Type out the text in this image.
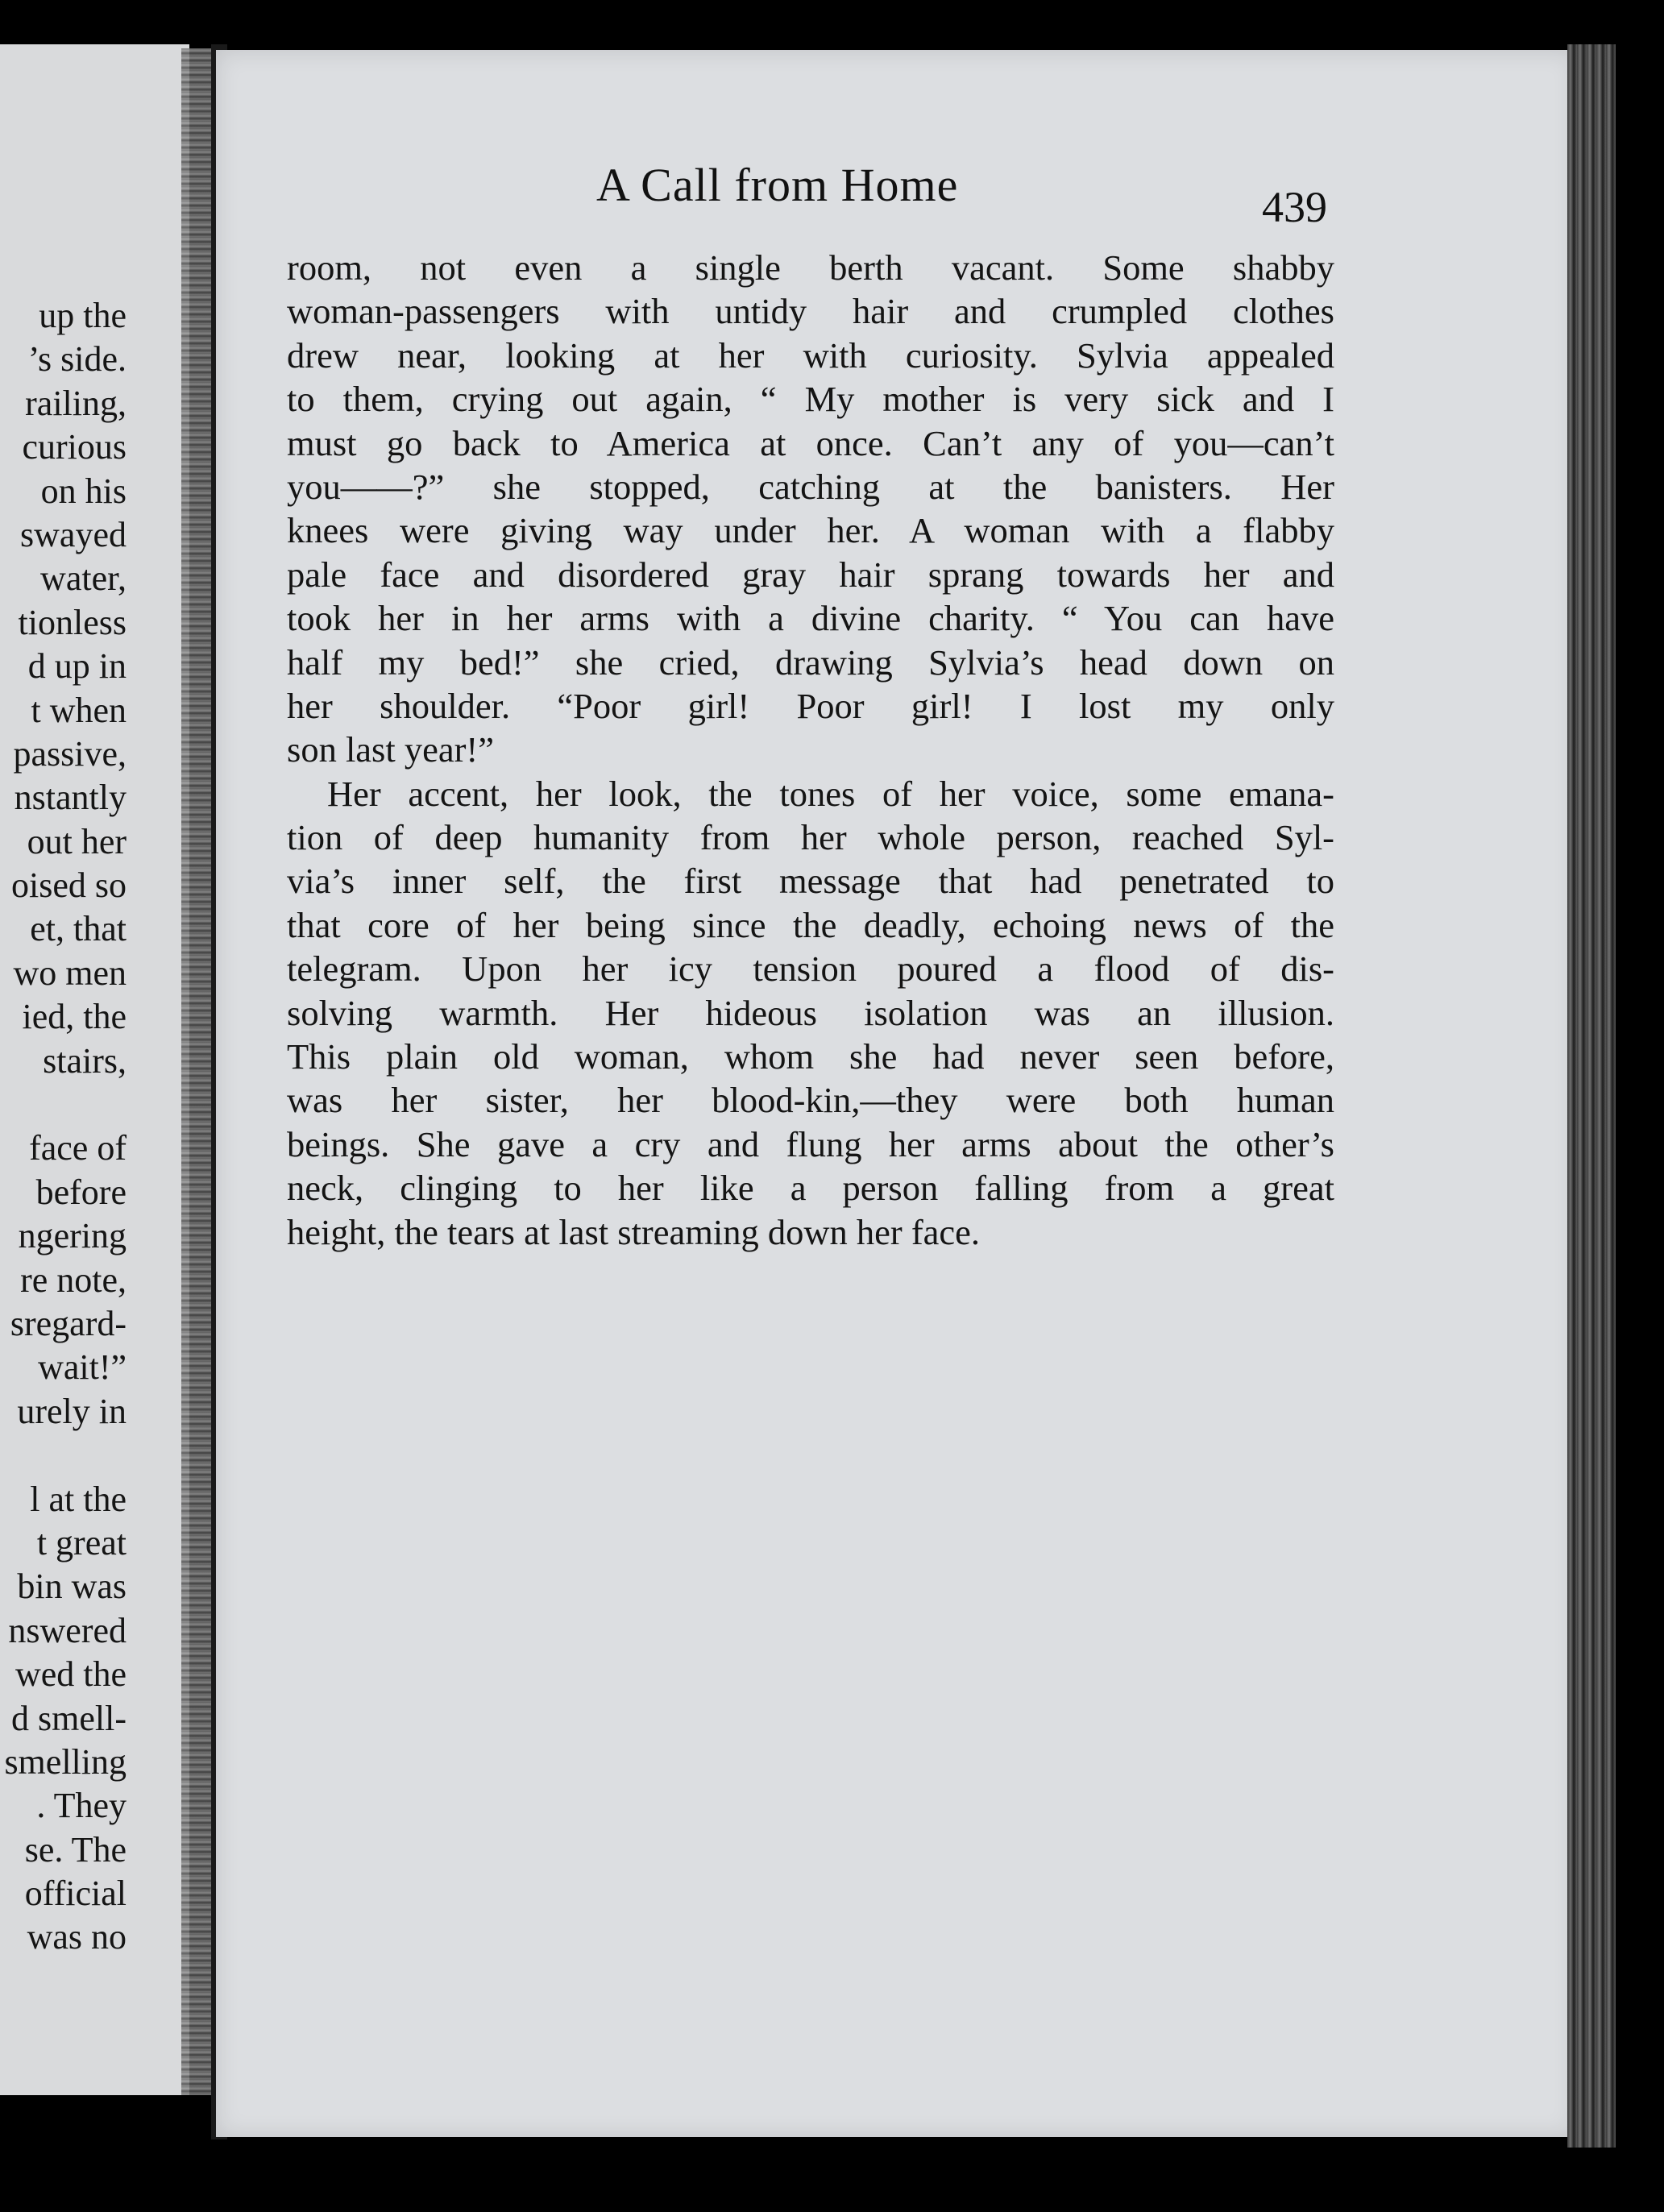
up the
’s side.
railing,
curious
on his
swayed
water,
tionless
d up in
t when
passive,
nstantly
out her
oised so
et, that
wo men
ied, the
stairs,
face of
before
ngering
re note,
sregard-
wait!”
urely in
l at the
t great
bin was
nswered
wed the
d smell-
smelling
. They
se. The
official
was no
A Call from Home	439
room, not even a single berth vacant. Some shabby
woman-passengers with untidy hair and crumpled clothes
drew near, looking at her with curiosity. Sylvia appealed
to them, crying out again, “ My mother is very sick and I
must go back to America at once. Can’t any of you—can’t
you——?” she stopped, catching at the banisters. Her
knees were giving way under her. A woman with a flabby
pale face and disordered gray hair sprang towards her and
took her in her arms with a divine charity. “ You can have
half my bed!” she cried, drawing Sylvia’s head down on
her shoulder. “Poor girl! Poor girl! I lost my only
son last year!”
Her accent, her look, the tones of her voice, some emana-
tion of deep humanity from her whole person, reached Syl-
via’s inner self, the first message that had penetrated to
that core of her being since the deadly, echoing news of the
telegram. Upon her icy tension poured a flood of dis-
solving warmth. Her hideous isolation was an illusion.
This plain old woman, whom she had never seen before,
was her sister, her blood-kin,—they were both human
beings. She gave a cry and flung her arms about the other’s
neck, clinging to her like a person falling from a great
height, the tears at last streaming down her face.
